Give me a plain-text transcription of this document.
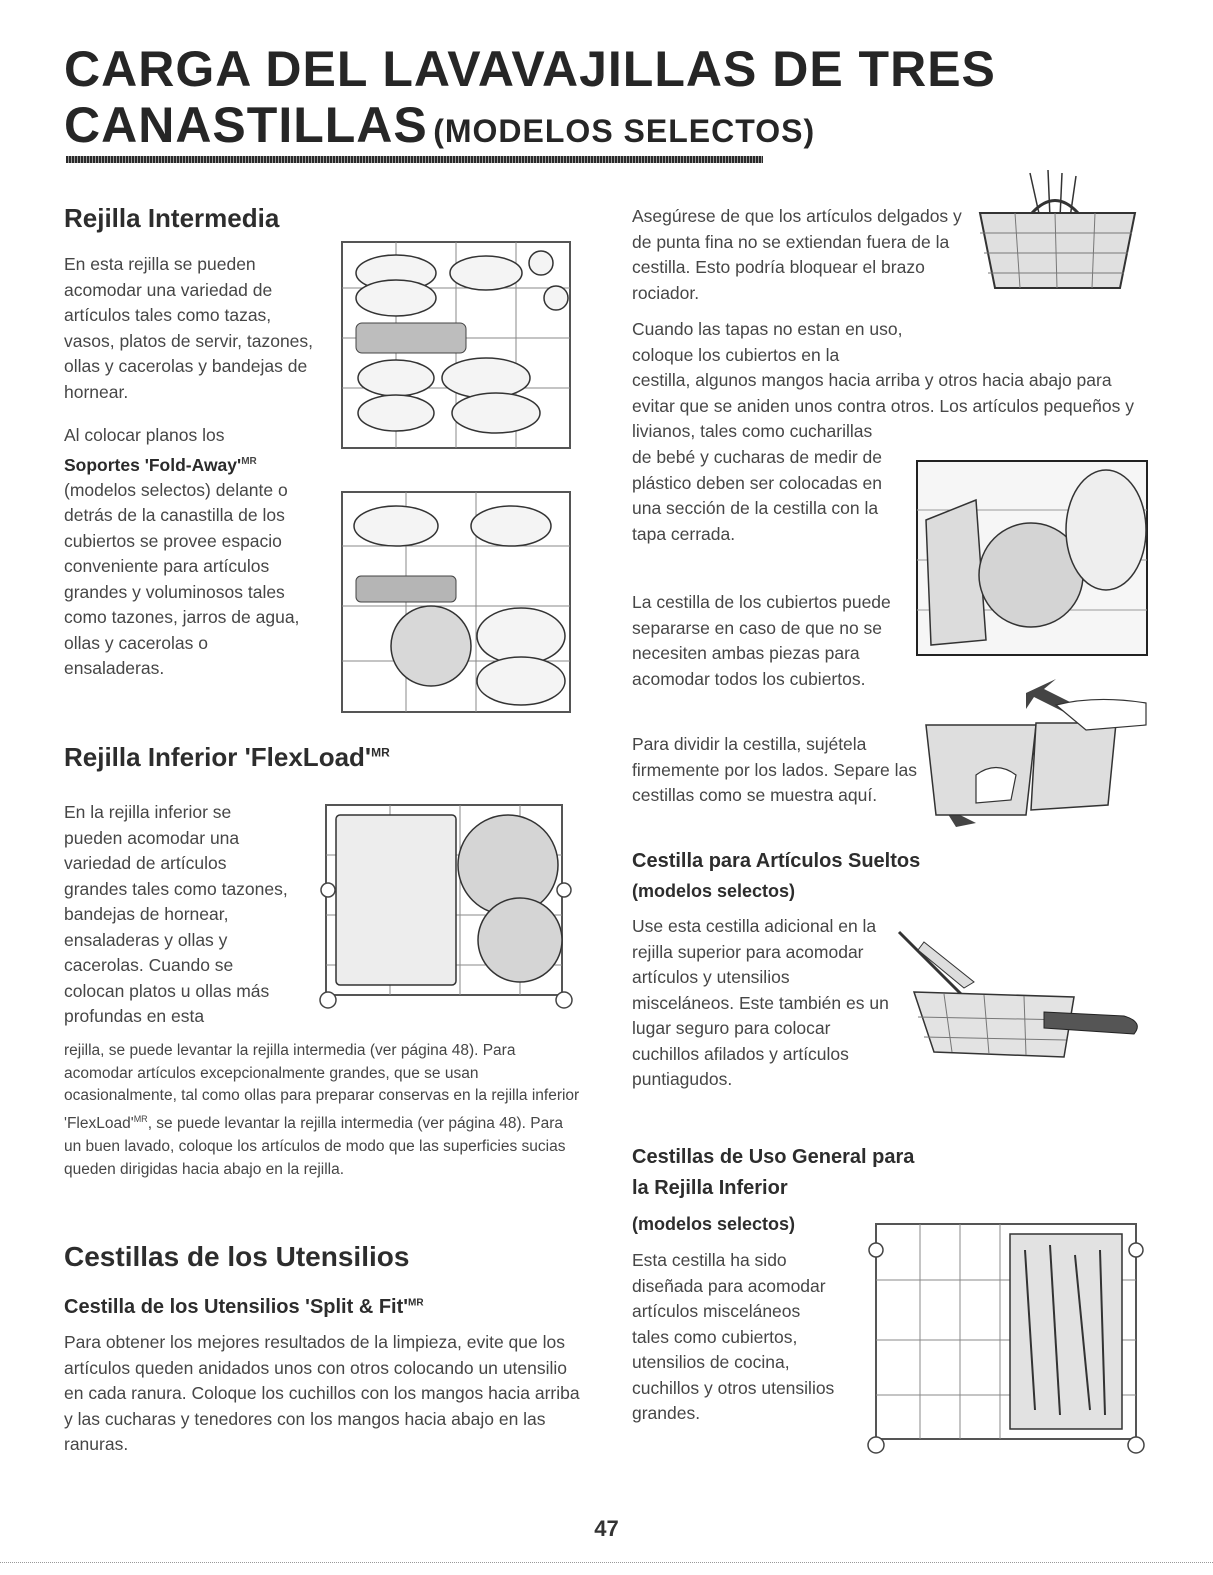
CARGA DEL LAVAVAJILLAS DE TRES
CANASTILLAS (MODELOS SELECTOS)
Rejilla Intermedia

En esta rejilla se pueden acomodar una variedad de artículos tales como tazas, vasos, platos de servir, tazones, ollas y cacerolas y bandejas de hornear.

Al colocar planos los Soportes '$Fold-Away'^{MR}$ (modelos selectos) delante o detrás de la canastilla de los cubiertos se provee espacio conveniente para artículos grandes y voluminosos tales como tazones, jarros de agua, ollas y cacerolas o ensaladeras.

Rejilla Inferior '$FlexLoad'^{MR}$

En la rejilla inferior se pueden acomodar una variedad de artículos grandes tales como tazones, bandejas de hornear, ensaladeras y ollas y cacerolas. Cuando se colocan platos u ollas más profundas en esta

rejilla, se puede levantar la rejilla intermedia (ver página 48). Para acomodar artículos excepcionalmente grandes, que se usan ocasionalmente, tal como ollas para preparar conservas en la rejilla inferior '$FlexLoad'^{MR}$, se puede levantar la rejilla intermedia (ver página 48). Para un buen lavado, coloque los artículos de modo que las superficies sucias queden dirigidas hacia abajo en la rejilla.

Cestillas de los Utensilios
Cestilla de los Utensilios 'Split & $Fit'^{MR}$

Para obtener los mejores resultados de la limpieza, evite que los artículos queden anidados unos con otros colocando un utensilio en cada ranura. Coloque los cuchillos con los mangos hacia arriba y las cucharas y tenedores con los mangos hacia abajo en las ranuras.

Asegúrese de que los artículos delgados y de punta fina no se extiendan fuera de la cestilla. Esto podría bloquear el brazo rociador.

Cuando las tapas no estan en uso, coloque los cubiertos en la

cestilla, algunos mangos hacia arriba y otros hacia abajo para evitar que se aniden unos contra otros. Los artículos pequeños y livianos, tales como cucharillas

de bebé y cucharas de medir de plástico deben ser colocadas en una sección de la cestilla con la tapa cerrada.

La cestilla de los cubiertos puede separarse en caso de que no se necesiten ambas piezas para acomodar todos los cubiertos.

Para dividir la cestilla, sujétela firmemente por los lados. Separe las cestillas como se muestra aquí.

Cestilla para Artículos Sueltos
(modelos selectos)

Use esta cestilla adicional en la rejilla superior para acomodar artículos y utensilios misceláneos. Este también es un lugar seguro para colocar cuchillos afilados y artículos puntiagudos.

Cestillas de Uso General para
la Rejilla Inferior
(modelos selectos)

Esta cestilla ha sido diseñada para acomodar artículos misceláneos tales como cubiertos, utensilios de cocina, cuchillos y otros utensilios grandes.

47
